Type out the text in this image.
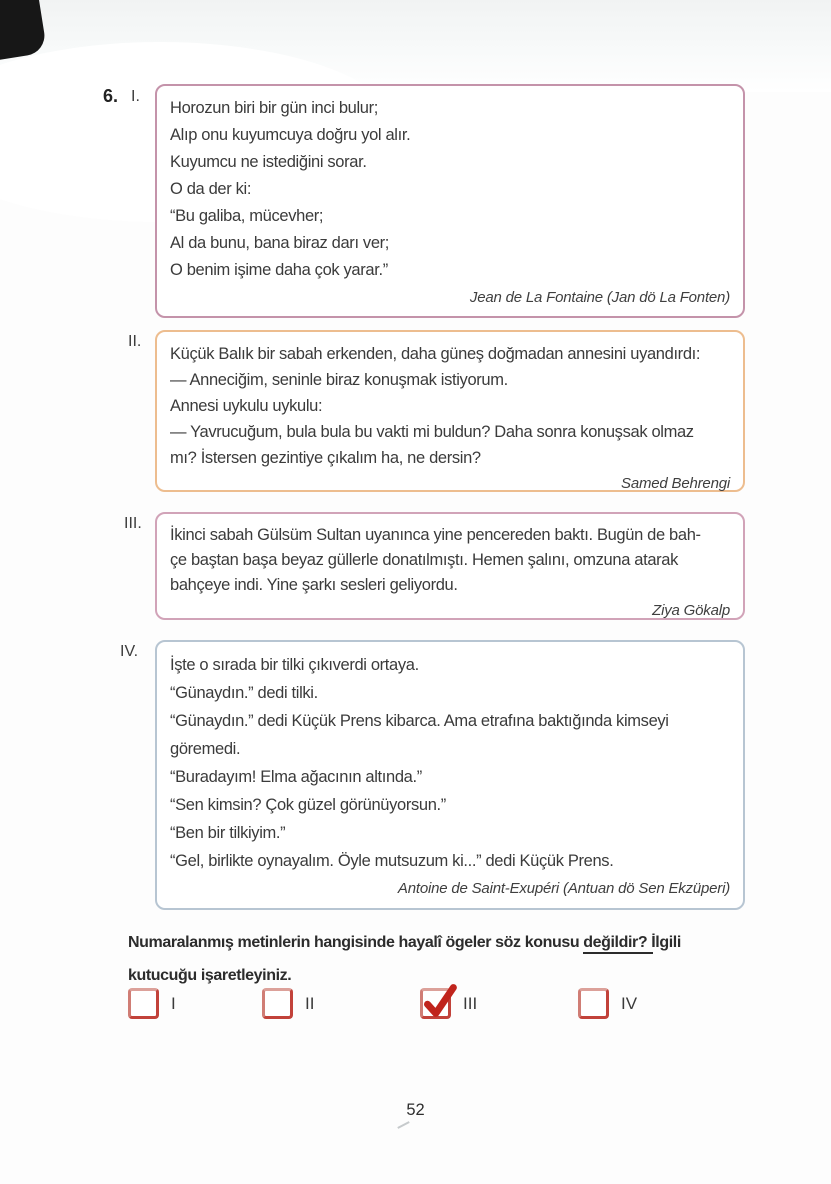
6. I.
II.
III.
IV.
Horozun biri bir gün inci bulur;
Alıp onu kuyumcuya doğru yol alır.
Kuyumcu ne istediğini sorar.
O da der ki:
“Bu galiba, mücevher;
Al da bunu, bana biraz darı ver;
O benim işime daha çok yarar.”
Jean de La Fontaine (Jan dö La Fonten)
Küçük Balık bir sabah erkenden, daha güneş doğmadan annesini uyandırdı:
— Anneciğim, seninle biraz konuşmak istiyorum.
Annesi uykulu uykulu:
— Yavrucuğum, bula bula bu vakti mi buldun? Daha sonra konuşsak olmaz
mı? İstersen gezintiye çıkalım ha, ne dersin?
Samed Behrengi
İkinci sabah Gülsüm Sultan uyanınca yine pencereden baktı. Bugün de bah-
çe baştan başa beyaz güllerle donatılmıştı. Hemen şalını, omzuna atarak
bahçeye indi. Yine şarkı sesleri geliyordu.
Ziya Gökalp
İşte o sırada bir tilki çıkıverdi ortaya.
“Günaydın.” dedi tilki.
“Günaydın.” dedi Küçük Prens kibarca. Ama etrafına baktığında kimseyi
göremedi.
“Buradayım! Elma ağacının altında.”
“Sen kimsin? Çok güzel görünüyorsun.”
“Ben bir tilkiyim.”
“Gel, birlikte oynayalım. Öyle mutsuzum ki...” dedi Küçük Prens.
Antoine de Saint-Exupéri (Antuan dö Sen Ekzüperi)
Numaralanmış metinlerin hangisinde hayalî ögeler söz konusu değildir? İlgili
kutucuğu işaretleyiniz.
I	II	III	IV
52
